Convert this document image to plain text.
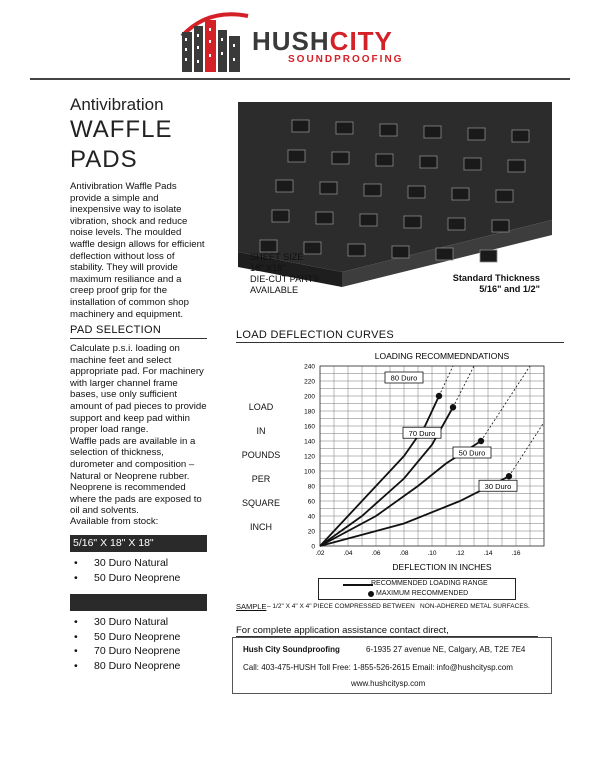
HUSHCITY
SOUNDPROOFING
Antivibration
WAFFLE
PADS
Antivibration Waffle Pads
provide a simple and
inexpensive way to isolate
vibration, shock and reduce
noise levels. The moulded
waffle design allows for efficient
deflection without loss of
stability. They will provide
maximum resiliance and a
creep proof grip for the
installation of common shop
machinery and equipment.
SHEET SIZE
18" X18"
DIE-CUT PARTS
AVAILABLE
Standard Thickness
5/16" and 1/2"
PAD SELECTION
Calculate p.s.i. loading on
machine feet and select
appropriate pad. For machinery
with larger channel frame
bases, use only sufficient
amount of pad pieces to provide
support and keep pad within
proper load range.
Waffle pads are available in a
selection of thickness,
durometer and composition –
Natural or Neoprene rubber.
Neoprene is recommended
where the pads are exposed to
oil and solvents.
Available from stock:
5/16" X 18" X 18"
• 30 Duro Natural
• 50 Duro Neoprene
• 30 Duro Natural
• 50 Duro Neoprene
• 70 Duro Neoprene
• 80 Duro Neoprene
LOAD DEFLECTION CURVES
LOADING RECOMMEDNDATIONS
0
20
40
60
80
100
120
140
160
180
200
220
240
.02	.04	.06	.08	.10	.12	.14	.16
DEFLECTION IN INCHES
80 Duro
70 Duro
50 Duro
30 Duro
LOAD
IN
POUNDS
PER
SQUARE
INCH
RECOMMENDED LOADING RANGE
MAXIMUM RECOMMENDED
SAMPLE – 1/2" X 4" X 4" PIECE COMPRESSED BETWEEN NON-ADHERED METAL SURFACES.
For complete application assistance contact direct,
Hush City Soundproofing	6-1935 27 avenue NE, Calgary, AB, T2E 7E4
Call: 403-475-HUSH Toll Free: 1-855-526-2615 Email: info@hushcitysp.com
www.hushcitysp.com
